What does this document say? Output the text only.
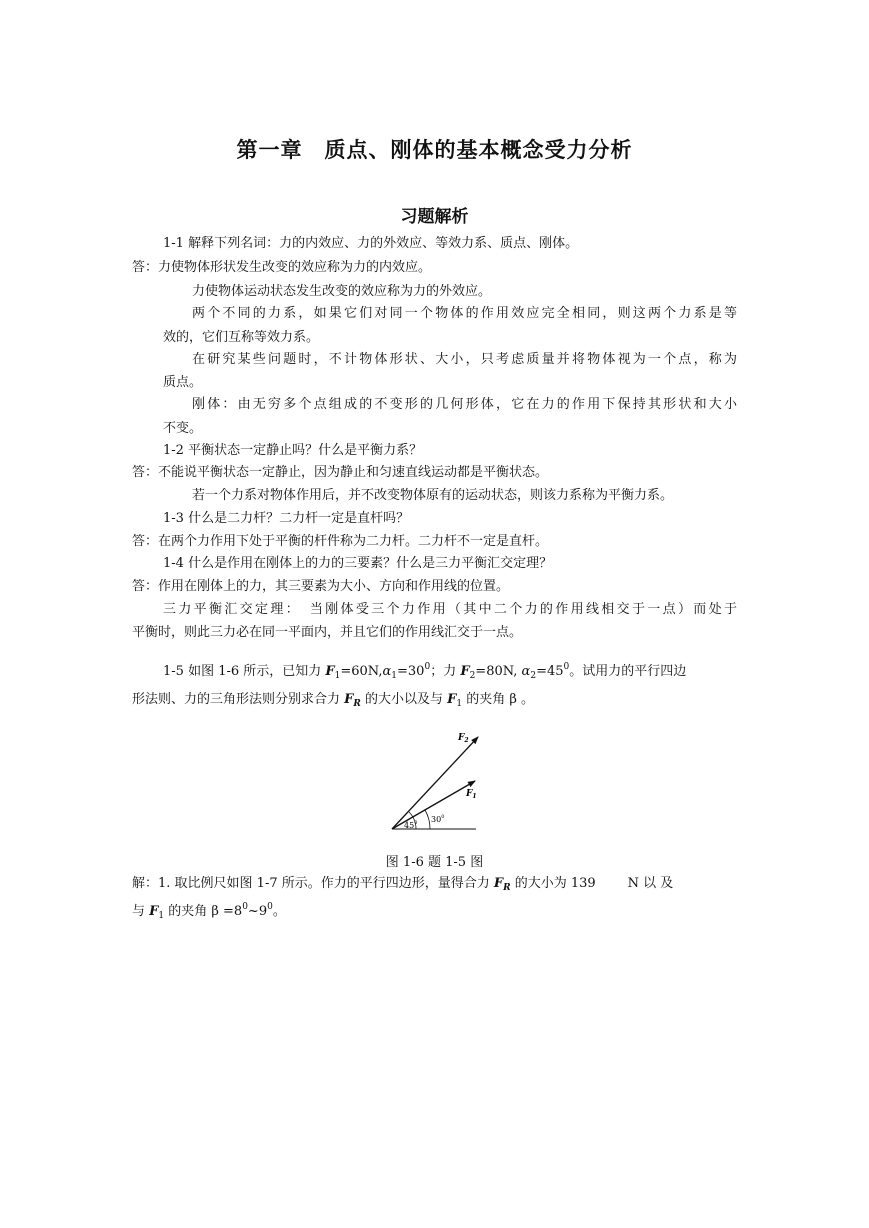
第一章　质点、刚体的基本概念受力分析
习题解析
1-1 解释下列名词：力的内效应、力的外效应、等效力系、质点、刚体。
答：力使物体形状发生改变的效应称为力的内效应。
力使物体运动状态发生改变的效应称为力的外效应。
两个不同的力系，如果它们对同一个物体的作用效应完全相同，则这两个力系是等
效的，它们互称等效力系。
在研究某些问题时，不计物体形状、大小，只考虑质量并将物体视为一个点，称为
质点。
刚体：由无穷多个点组成的不变形的几何形体，它在力的作用下保持其形状和大小
不变。
1-2 平衡状态一定静止吗？什么是平衡力系？
答：不能说平衡状态一定静止，因为静止和匀速直线运动都是平衡状态。
若一个力系对物体作用后，并不改变物体原有的运动状态，则该力系称为平衡力系。
1-3 什么是二力杆？二力杆一定是直杆吗？
答：在两个力作用下处于平衡的杆件称为二力杆。二力杆不一定是直杆。
1-4 什么是作用在刚体上的力的三要素？什么是三力平衡汇交定理？
答：作用在刚体上的力，其三要素为大小、方向和作用线的位置。
三力平衡汇交定理：　当刚体受三个力作用（其中二个力的作用线相交于一点）而处于
平衡时，则此三力必在同一平面内，并且它们的作用线汇交于一点。
1-5 如图 1-6 所示，已知力 $F_1=60N,\alpha_1=30^0$；力 $F_2=80N$, $\alpha_2=45^0$。试用力的平行四边
形法则、力的三角形法则分别求合力 $F_R$ 的大小以及与 $F_1$ 的夹角 β 。
$F_2$
$F_1$
$45^0$ $30^0$
图 1-6 题 1-5 图
解：1. 取比例尺如图 1-7 所示。作力的平行四边形，量得合力 $F_R$ 的大小为 139 N 以 及
与 $F_1$ 的夹角 $\beta =8^0\sim 9^0$。
